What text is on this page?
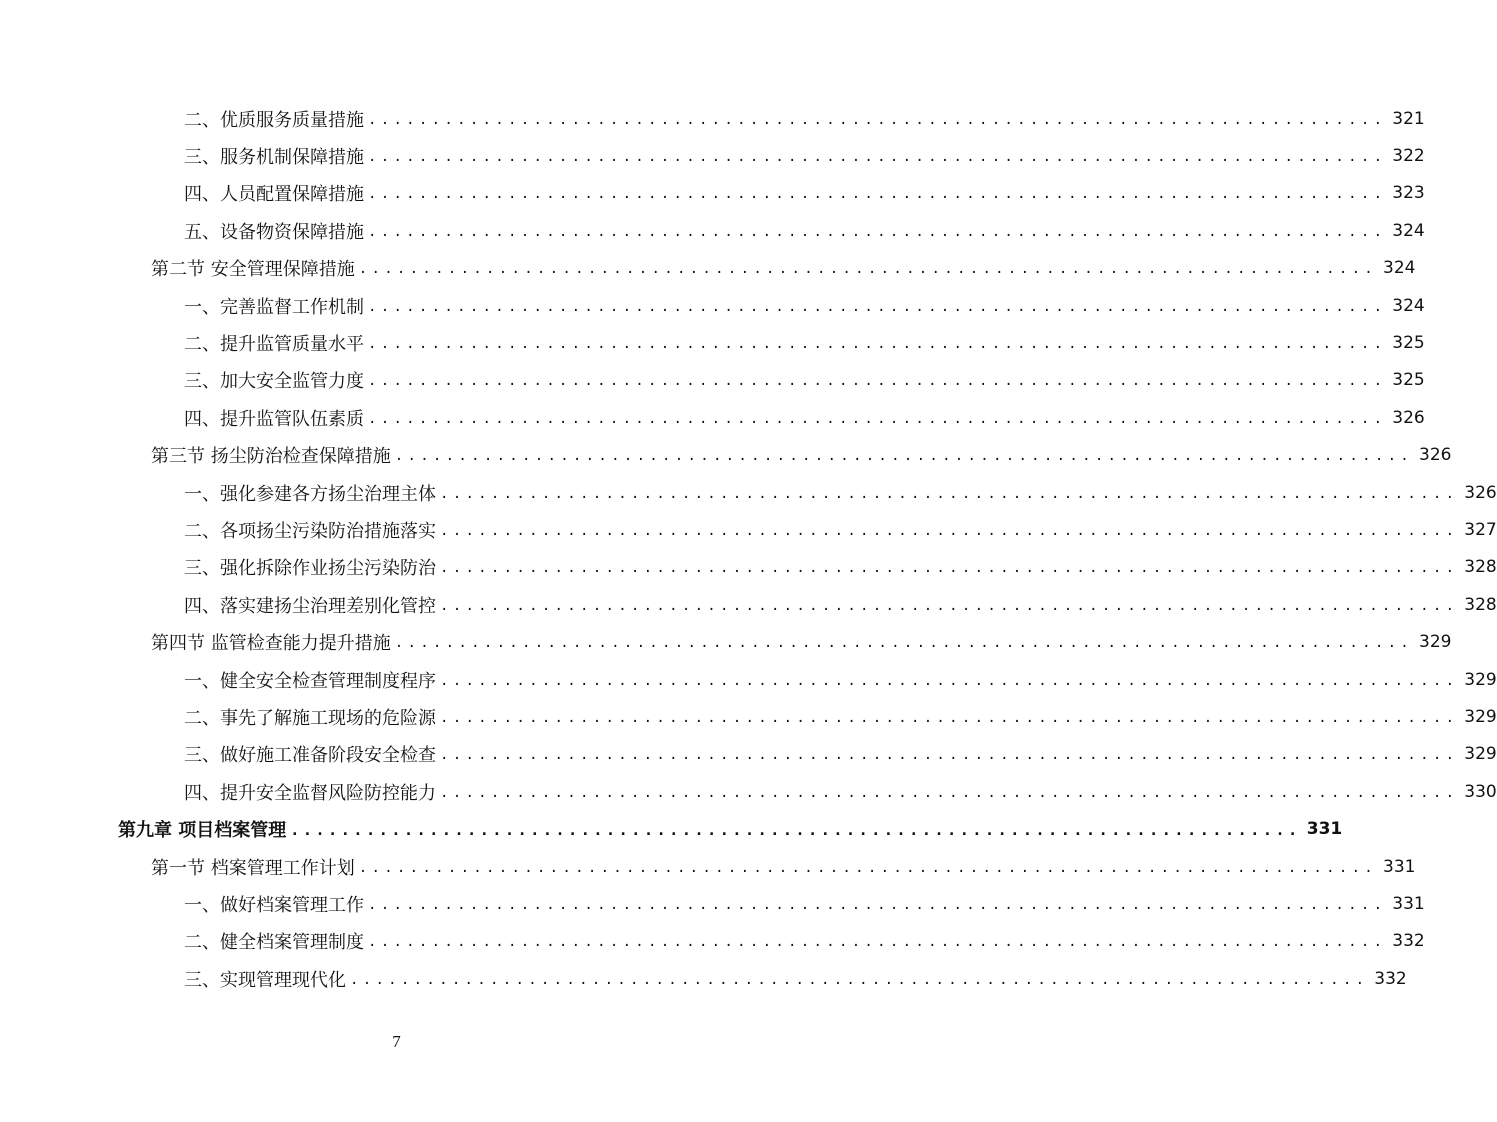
二、优质服务质量措施 ................................................................................ 321
三、服务机制保障措施 ................................................................................ 322
四、人员配置保障措施 ................................................................................ 323
五、设备物资保障措施 ................................................................................ 324
第二节 安全管理保障措施 ................................................................................ 324
一、完善监督工作机制 ................................................................................ 324
二、提升监管质量水平 ................................................................................ 325
三、加大安全监管力度 ................................................................................ 325
四、提升监管队伍素质 ................................................................................ 326
第三节 扬尘防治检查保障措施 ................................................................................ 326
一、强化参建各方扬尘治理主体 ................................................................................ 326
二、各项扬尘污染防治措施落实 ................................................................................ 327
三、强化拆除作业扬尘污染防治 ................................................................................ 328
四、落实建扬尘治理差别化管控 ................................................................................ 328
第四节 监管检查能力提升措施 ................................................................................ 329
一、健全安全检查管理制度程序 ................................................................................ 329
二、事先了解施工现场的危险源 ................................................................................ 329
三、做好施工准备阶段安全检查 ................................................................................ 329
四、提升安全监督风险防控能力 ................................................................................ 330
第九章 项目档案管理 ................................................................................ 331
第一节 档案管理工作计划 ................................................................................ 331
一、做好档案管理工作 ................................................................................ 331
二、健全档案管理制度 ................................................................................ 332
三、实现管理现代化 ................................................................................ 332
7
